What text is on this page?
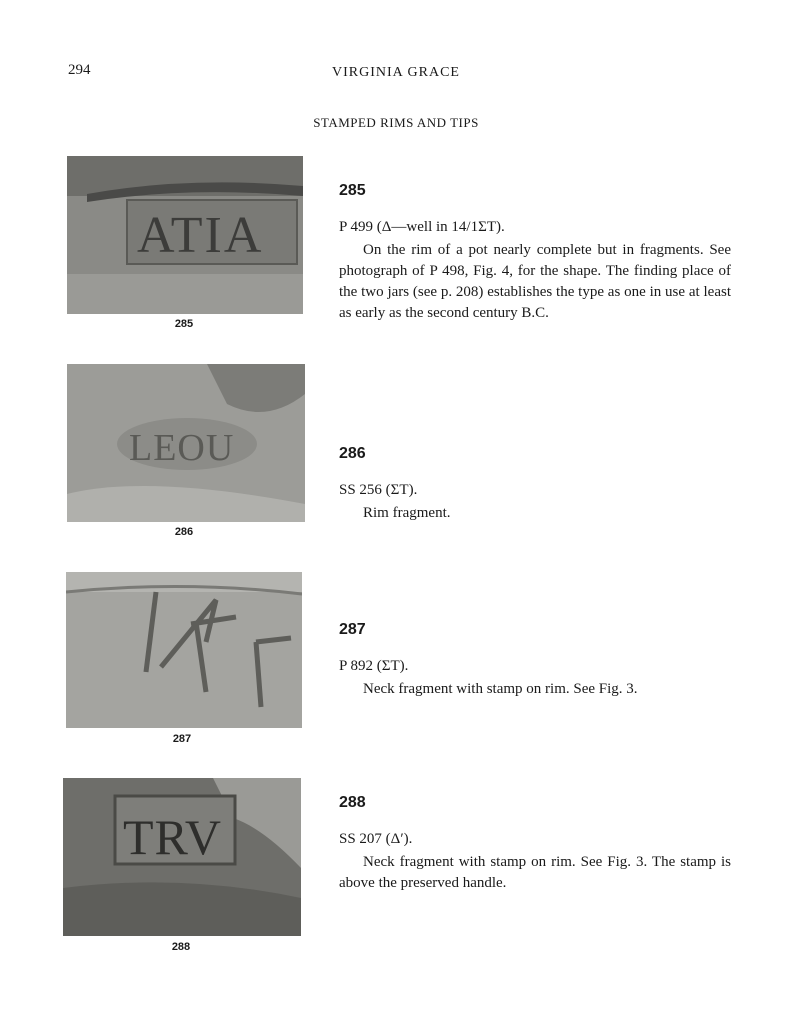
294	VIRGINIA GRACE
STAMPED RIMS AND TIPS
ATIA
285
LEOU
286
287
TRV
288
285
P 499 (Δ—well in 14/1ΣΤ).
On the rim of a pot nearly complete but in fragments. See photograph of P 498, Fig. 4, for the shape. The finding place of the two jars (see p. 208) establishes the type as one in use at least as early as the second century B.C.
286
SS 256 (ΣΤ).
Rim fragment.
287
P 892 (ΣΤ).
Neck fragment with stamp on rim. See Fig. 3.
288
SS 207 (Δ′).
Neck fragment with stamp on rim. See Fig. 3. The stamp is above the preserved handle.
